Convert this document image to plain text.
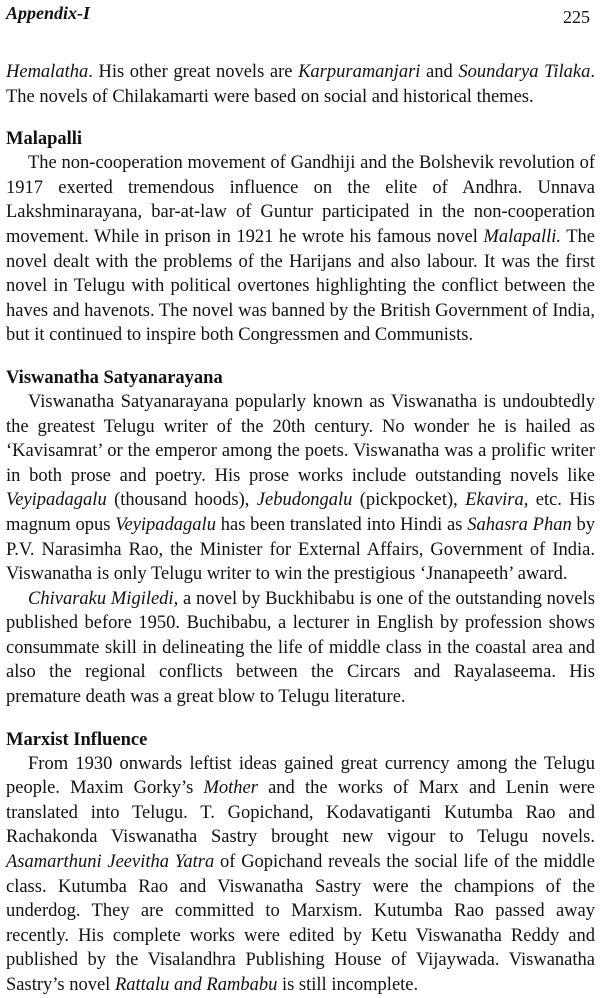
Appendix-I	225

Hemalatha. His other great novels are Karpuramanjari and Soundarya Tilaka. The novels of Chilakamarti were based on social and historical themes.

Malapalli

The non-cooperation movement of Gandhiji and the Bolshevik revolution of 1917 exerted tremendous influence on the elite of Andhra. Unnava Lakshminarayana, bar-at-law of Guntur participated in the non-cooperation movement. While in prison in 1921 he wrote his famous novel Malapalli. The novel dealt with the problems of the Harijans and also labour. It was the first novel in Telugu with political overtones highlighting the conflict between the haves and havenots. The novel was banned by the British Government of India, but it continued to inspire both Congressmen and Communists.

Viswanatha Satyanarayana

Viswanatha Satyanarayana popularly known as Viswanatha is undoubtedly the greatest Telugu writer of the 20th century. No wonder he is hailed as ‘Kavisamrat’ or the emperor among the poets. Viswanatha was a prolific writer in both prose and poetry. His prose works include outstanding novels like Veyipadagalu (thousand hoods), Jebudongalu (pickpocket), Ekavira, etc. His magnum opus Veyipadagalu has been translated into Hindi as Sahasra Phan by P.V. Narasimha Rao, the Minister for External Affairs, Government of India. Viswanatha is only Telugu writer to win the prestigious ‘Jnanapeeth’ award.

Chivaraku Migiledi, a novel by Buckhibabu is one of the outstanding novels published before 1950. Buchibabu, a lecturer in English by profession shows consummate skill in delineating the life of middle class in the coastal area and also the regional conflicts between the Circars and Rayalaseema. His premature death was a great blow to Telugu literature.

Marxist Influence

From 1930 onwards leftist ideas gained great currency among the Telugu people. Maxim Gorky’s Mother and the works of Marx and Lenin were translated into Telugu. T. Gopichand, Kodavatiganti Kutumba Rao and Rachakonda Viswanatha Sastry brought new vigour to Telugu novels. Asamarthuni Jeevitha Yatra of Gopichand reveals the social life of the middle class. Kutumba Rao and Viswanatha Sastry were the champions of the underdog. They are committed to Marxism. Kutumba Rao passed away recently. His complete works were edited by Ketu Viswanatha Reddy and published by the Visalandhra Publishing House of Vijaywada. Viswanatha Sastry’s novel Rattalu and Rambabu is still incomplete.
